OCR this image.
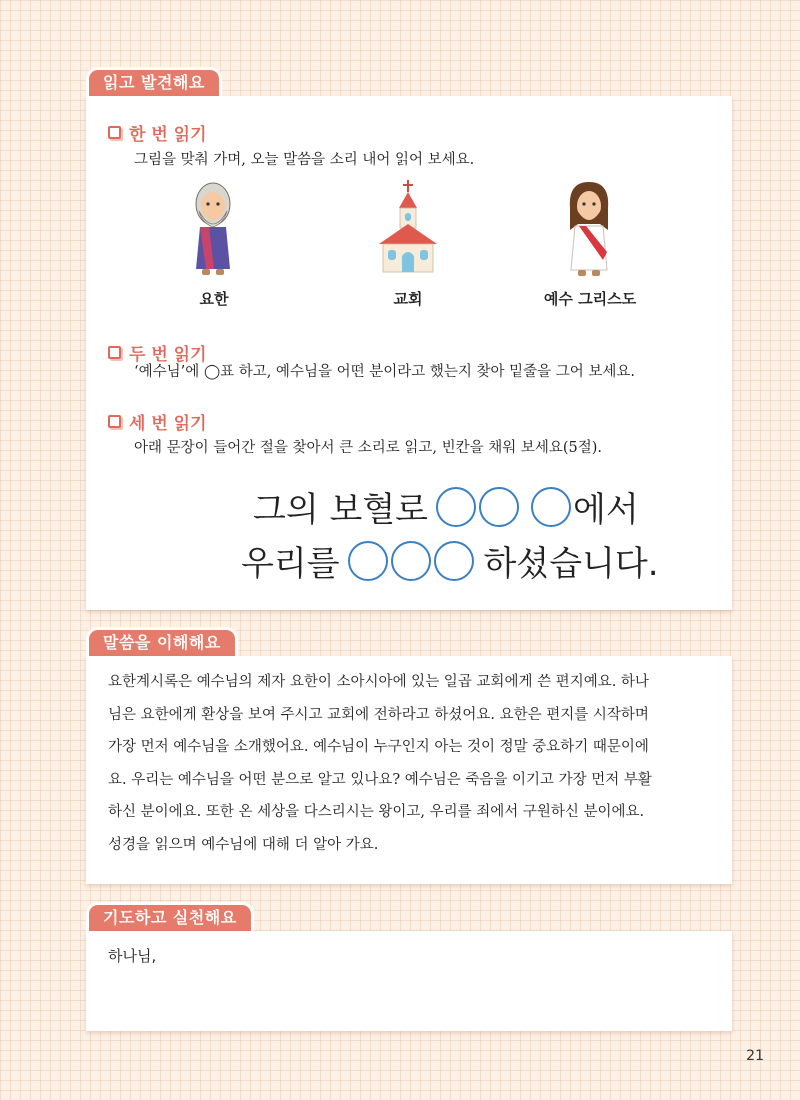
읽고 발견해요
한 번 읽기
그림을 맞춰 가며, 오늘 말씀을 소리 내어 읽어 보세요.
요한	교회	예수 그리스도
두 번 읽기
‘예수님’에 ◯표 하고, 예수님을 어떤 분이라고 했는지 찾아 밑줄을 그어 보세요.
세 번 읽기
아래 문장이 들어간 절을 찾아서 큰 소리로 읽고, 빈칸을 채워 보세요(5절).
그의 보혈로	에서
우리를	하셨습니다.
말씀을 이해해요
요한계시록은 예수님의 제자 요한이 소아시아에 있는 일곱 교회에게 쓴 편지예요. 하나
님은 요한에게 환상을 보여 주시고 교회에 전하라고 하셨어요. 요한은 편지를 시작하며
가장 먼저 예수님을 소개했어요. 예수님이 누구인지 아는 것이 정말 중요하기 때문이에
요. 우리는 예수님을 어떤 분으로 알고 있나요? 예수님은 죽음을 이기고 가장 먼저 부활
하신 분이에요. 또한 온 세상을 다스리시는 왕이고, 우리를 죄에서 구원하신 분이에요.
성경을 읽으며 예수님에 대해 더 알아 가요.
기도하고 실천해요
하나님,
21
